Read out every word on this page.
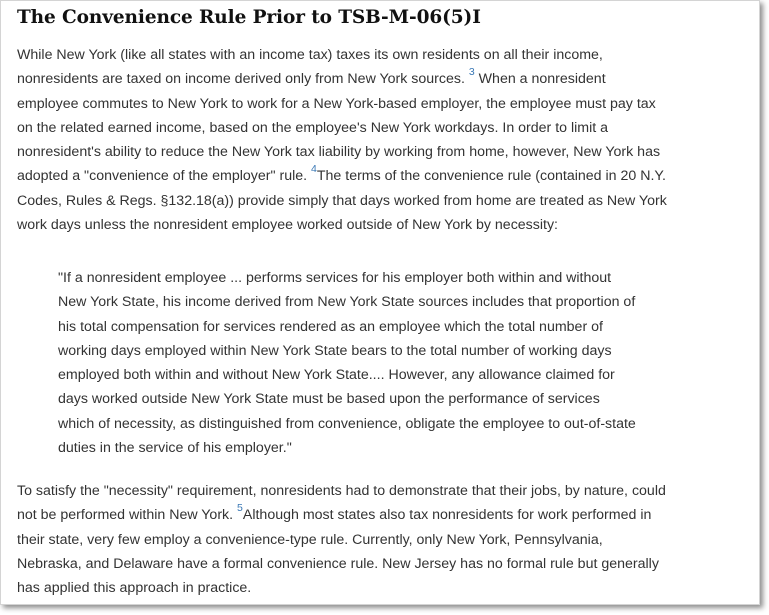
The Convenience Rule Prior to TSB-M-06(5)I

While New York (like all states with an income tax) taxes its own residents on all their income,
nonresidents are taxed on income derived only from New York sources. $^3$ When a nonresident
employee commutes to New York to work for a New York-based employer, the employee must pay tax
on the related earned income, based on the employee's New York workdays. In order to limit a
nonresident's ability to reduce the New York tax liability by working from home, however, New York has
adopted a "convenience of the employer" rule. $^4$The terms of the convenience rule (contained in 20 N.Y.
Codes, Rules & Regs. §132.18(a)) provide simply that days worked from home are treated as New York
work days unless the nonresident employee worked outside of New York by necessity:

"If a nonresident employee ... performs services for his employer both within and without
New York State, his income derived from New York State sources includes that proportion of
his total compensation for services rendered as an employee which the total number of
working days employed within New York State bears to the total number of working days
employed both within and without New York State.... However, any allowance claimed for
days worked outside New York State must be based upon the performance of services
which of necessity, as distinguished from convenience, obligate the employee to out-of-state
duties in the service of his employer."

To satisfy the "necessity" requirement, nonresidents had to demonstrate that their jobs, by nature, could
not be performed within New York. $^5$Although most states also tax nonresidents for work performed in
their state, very few employ a convenience-type rule. Currently, only New York, Pennsylvania,
Nebraska, and Delaware have a formal convenience rule. New Jersey has no formal rule but generally
has applied this approach in practice.
